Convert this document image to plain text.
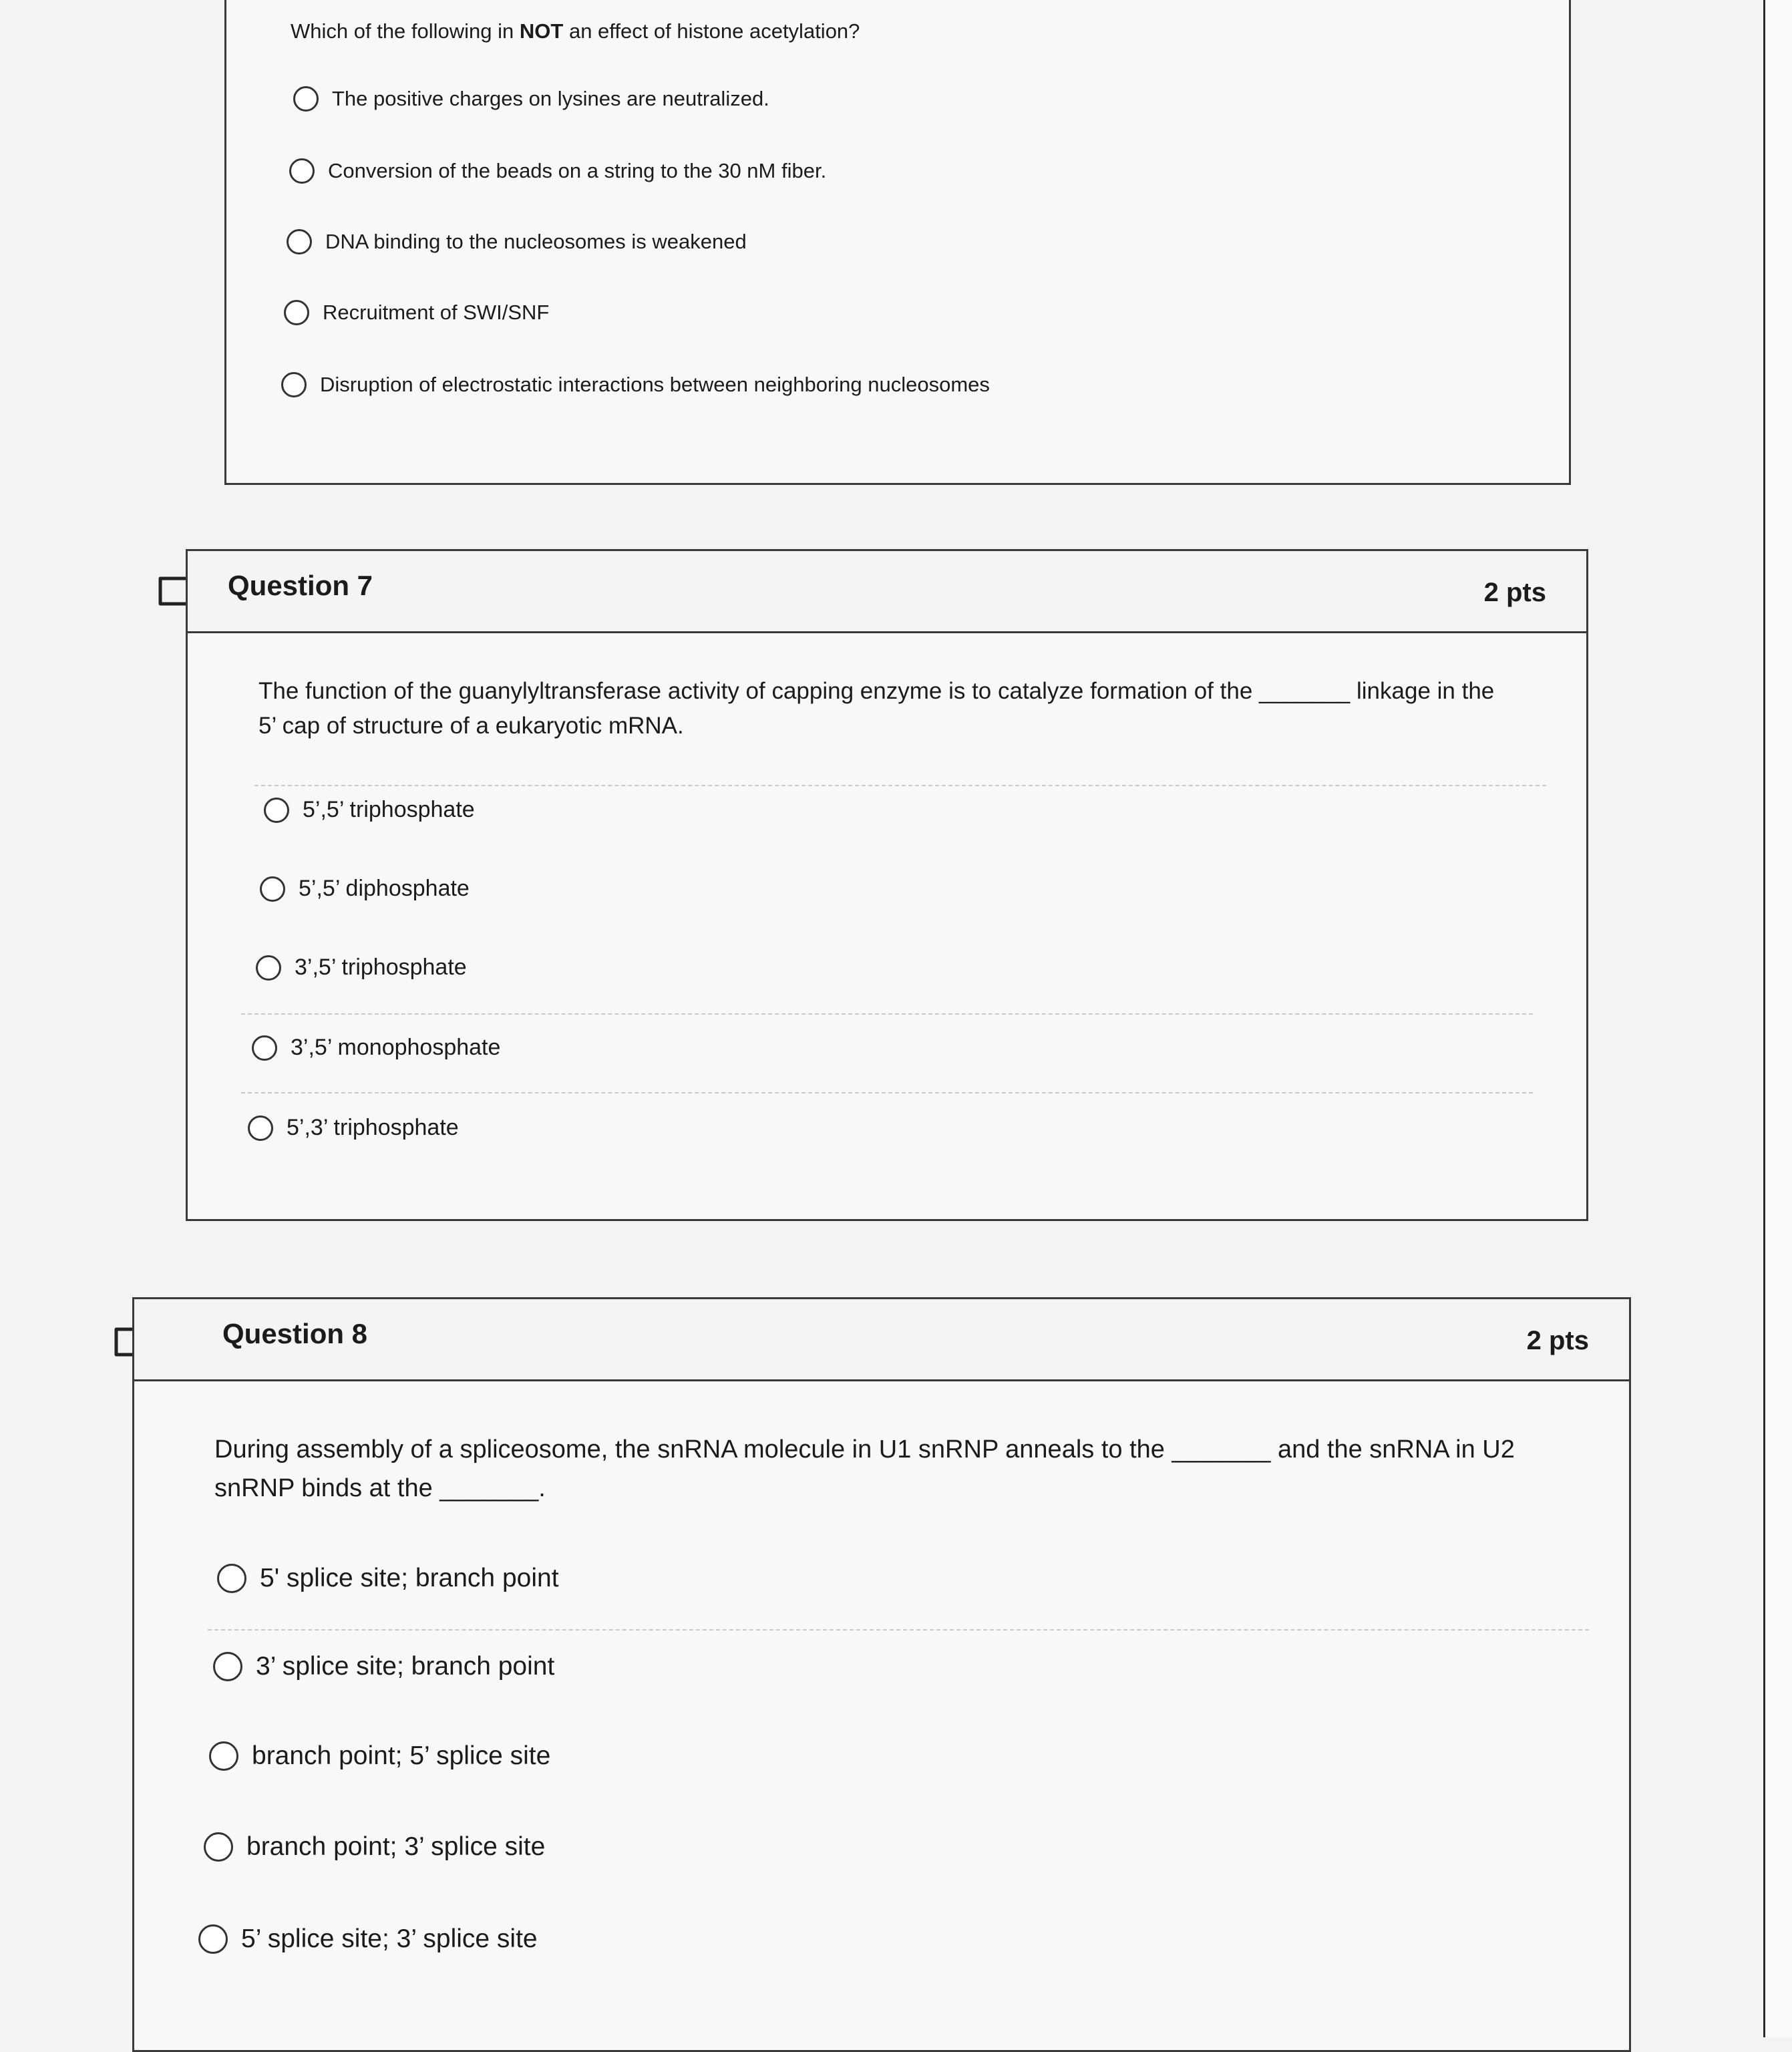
Which of the following in NOT an effect of histone acetylation?
The positive charges on lysines are neutralized.
Conversion of the beads on a string to the 30 nM fiber.
DNA binding to the nucleosomes is weakened
Recruitment of SWI/SNF
Disruption of electrostatic interactions between neighboring nucleosomes
Question 7	2 pts
The function of the guanylyltransferase activity of capping enzyme is to catalyze formation of the _______ linkage in the
5’ cap of structure of a eukaryotic mRNA.
5’,5’ triphosphate
5’,5’ diphosphate
3’,5’ triphosphate
3’,5’ monophosphate
5’,3’ triphosphate
Question 8	2 pts
During assembly of a spliceosome, the snRNA molecule in U1 snRNP anneals to the _______ and the snRNA in U2
snRNP binds at the _______.
5' splice site; branch point
3’ splice site; branch point
branch point; 5’ splice site
branch point; 3’ splice site
5’ splice site; 3’ splice site
